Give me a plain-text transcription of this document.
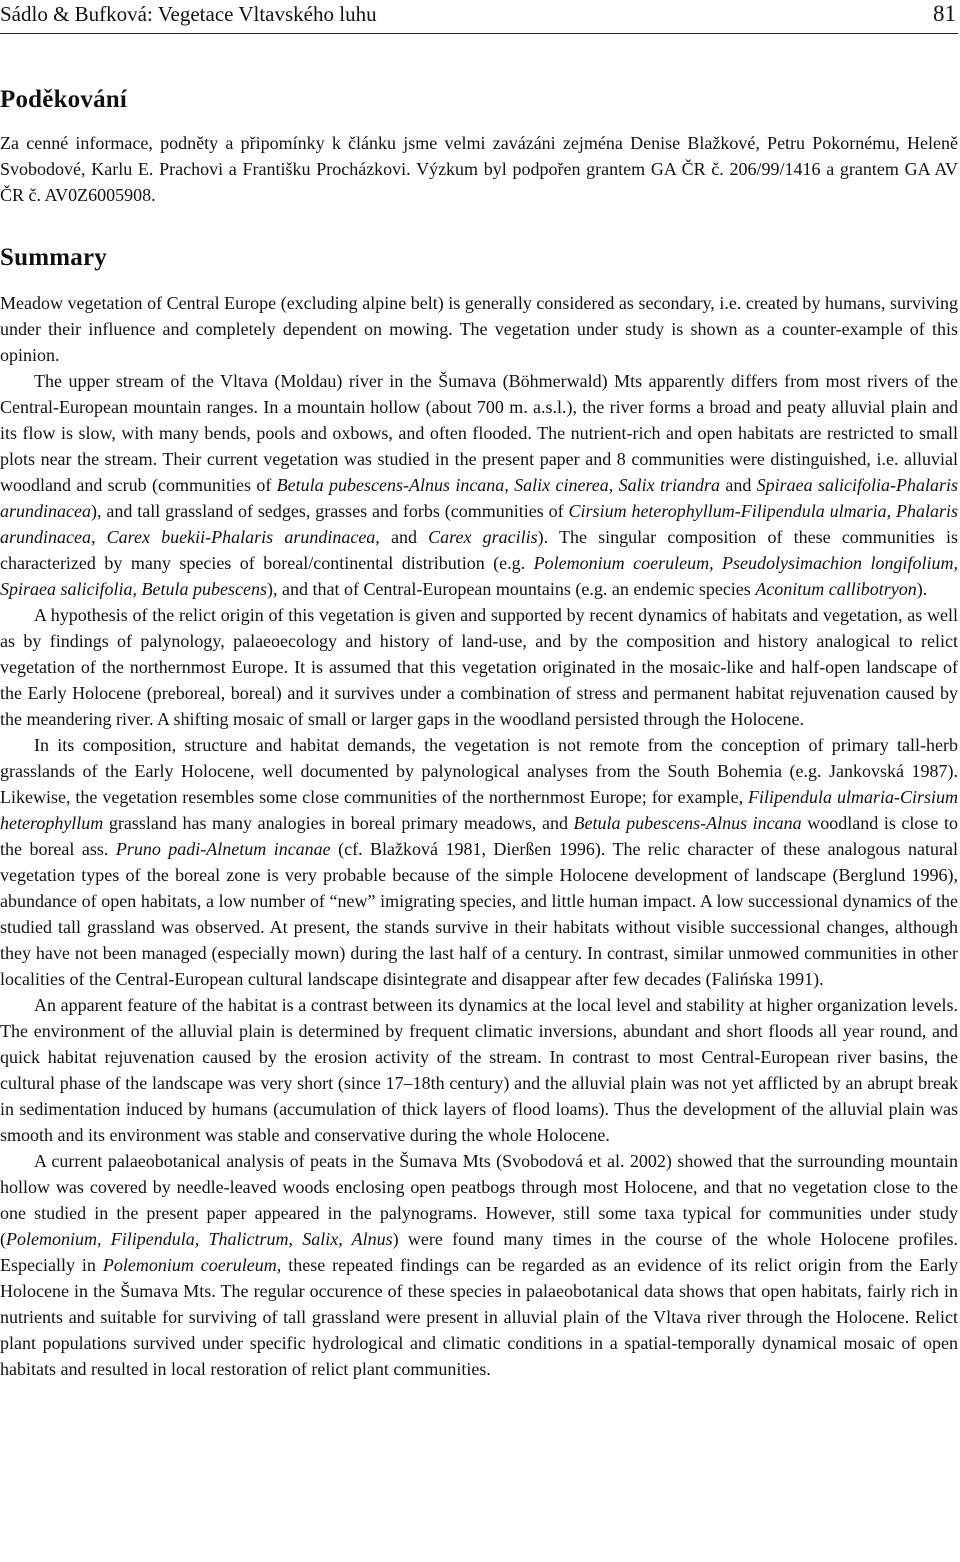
Sádlo & Bufková: Vegetace Vltavského luhu	81
Poděkování

Za cenné informace, podněty a připomínky k článku jsme velmi zavázáni zejména Denise Blažkové, Petru Pokornému, Heleně Svobodové, Karlu E. Prachovi a Františku Procházkovi. Výzkum byl podpořen grantem GA ČR č. 206/99/1416 a grantem GA AV ČR č. AV0Z6005908.

Summary

Meadow vegetation of Central Europe (excluding alpine belt) is generally considered as secondary, i.e. created by humans, surviving under their influence and completely dependent on mowing. The vegetation under study is shown as a counter-example of this opinion.

The upper stream of the Vltava (Moldau) river in the Šumava (Böhmerwald) Mts apparently differs from most rivers of the Central-European mountain ranges. In a mountain hollow (about 700 m. a.s.l.), the river forms a broad and peaty alluvial plain and its flow is slow, with many bends, pools and oxbows, and often flooded. The nutrient-rich and open habitats are restricted to small plots near the stream. Their current vegetation was studied in the present paper and 8 communities were distinguished, i.e. alluvial woodland and scrub (communities of Betula pubescens-Alnus incana, Salix cinerea, Salix triandra and Spiraea salicifolia-Phalaris arundinacea), and tall grassland of sedges, grasses and forbs (communities of Cirsium heterophyllum-Filipendula ulmaria, Phalaris arundinacea, Carex buekii-Phalaris arundinacea, and Carex gracilis). The singular composition of these communities is characterized by many species of boreal/continental distribution (e.g. Polemonium coeruleum, Pseudolysimachion longifolium, Spiraea salicifolia, Betula pubescens), and that of Central-European mountains (e.g. an endemic species Aconitum callibotryon).

A hypothesis of the relict origin of this vegetation is given and supported by recent dynamics of habitats and vegetation, as well as by findings of palynology, palaeoecology and history of land-use, and by the composition and history analogical to relict vegetation of the northernmost Europe. It is assumed that this vegetation originated in the mosaic-like and half-open landscape of the Early Holocene (preboreal, boreal) and it survives under a combination of stress and permanent habitat rejuvenation caused by the meandering river. A shifting mosaic of small or larger gaps in the woodland persisted through the Holocene.

In its composition, structure and habitat demands, the vegetation is not remote from the conception of primary tall-herb grasslands of the Early Holocene, well documented by palynological analyses from the South Bohemia (e.g. Jankovská 1987). Likewise, the vegetation resembles some close communities of the northernmost Europe; for example, Filipendula ulmaria-Cirsium heterophyllum grassland has many analogies in boreal primary meadows, and Betula pubescens-Alnus incana woodland is close to the boreal ass. Pruno padi-Alnetum incanae (cf. Blažková 1981, Dierßen 1996). The relic character of these analogous natural vegetation types of the boreal zone is very probable because of the simple Holocene development of landscape (Berglund 1996), abundance of open habitats, a low number of “new” imigrating species, and little human impact. A low successional dynamics of the studied tall grassland was observed. At present, the stands survive in their habitats without visible successional changes, although they have not been managed (especially mown) during the last half of a century. In contrast, similar unmowed communities in other localities of the Central-European cultural landscape disintegrate and disappear after few decades (Falińska 1991).

An apparent feature of the habitat is a contrast between its dynamics at the local level and stability at higher organization levels. The environment of the alluvial plain is determined by frequent climatic inversions, abundant and short floods all year round, and quick habitat rejuvenation caused by the erosion activity of the stream. In contrast to most Central-European river basins, the cultural phase of the landscape was very short (since 17–18th century) and the alluvial plain was not yet afflicted by an abrupt break in sedimentation induced by humans (accumulation of thick layers of flood loams). Thus the development of the alluvial plain was smooth and its environment was stable and conservative during the whole Holocene.

A current palaeobotanical analysis of peats in the Šumava Mts (Svobodová et al. 2002) showed that the surrounding mountain hollow was covered by needle-leaved woods enclosing open peatbogs through most Holocene, and that no vegetation close to the one studied in the present paper appeared in the palynograms. However, still some taxa typical for communities under study (Polemonium, Filipendula, Thalictrum, Salix, Alnus) were found many times in the course of the whole Holocene profiles. Especially in Polemonium coeruleum, these repeated findings can be regarded as an evidence of its relict origin from the Early Holocene in the Šumava Mts. The regular occurence of these species in palaeobotanical data shows that open habitats, fairly rich in nutrients and suitable for surviving of tall grassland were present in alluvial plain of the Vltava river through the Holocene. Relict plant populations survived under specific hydrological and climatic conditions in a spatial-temporally dynamical mosaic of open habitats and resulted in local restoration of relict plant communities.
